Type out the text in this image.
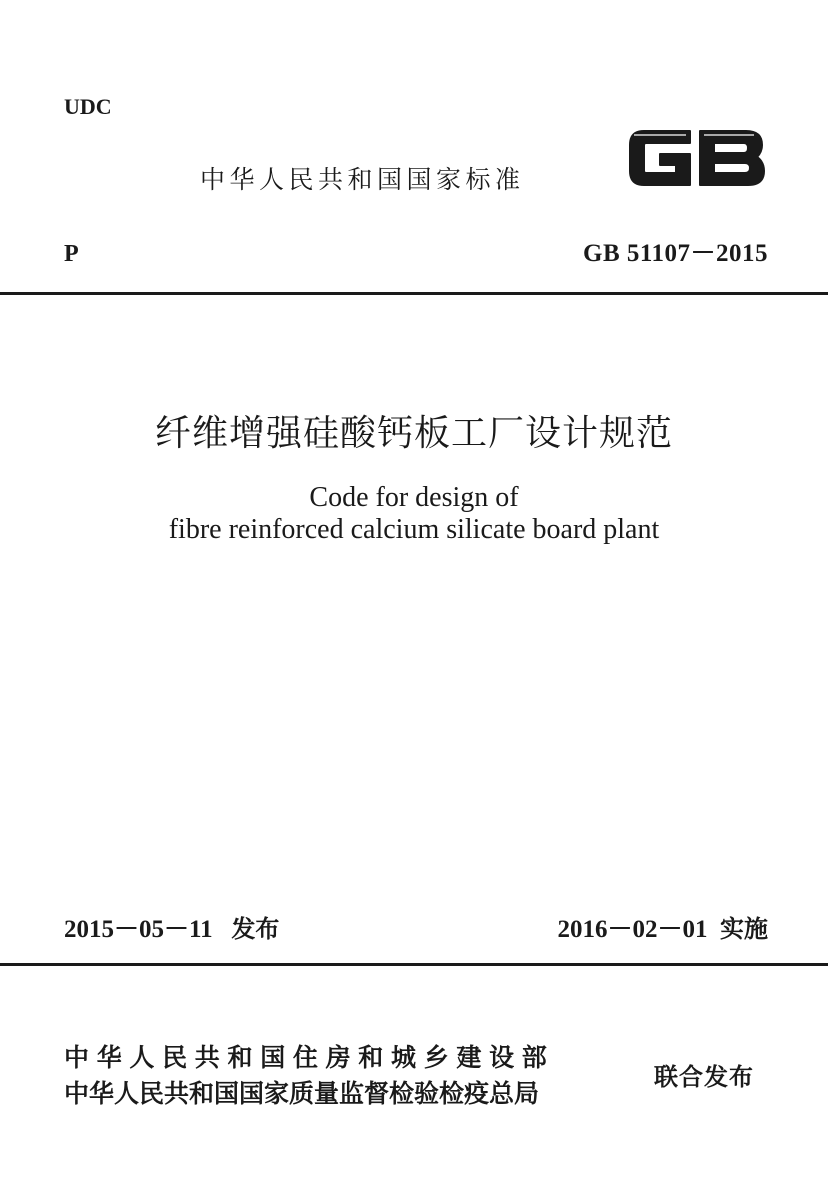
UDC
中华人民共和国国家标准
P	GB 51107－2015
纤维增强硅酸钙板工厂设计规范
Code for design of
fibre reinforced calcium silicate board plant
2015－05－11 发布	2016－02－01 实施
中华人民共和国住房和城乡建设部
中华人民共和国国家质量监督检验检疫总局
联合发布
